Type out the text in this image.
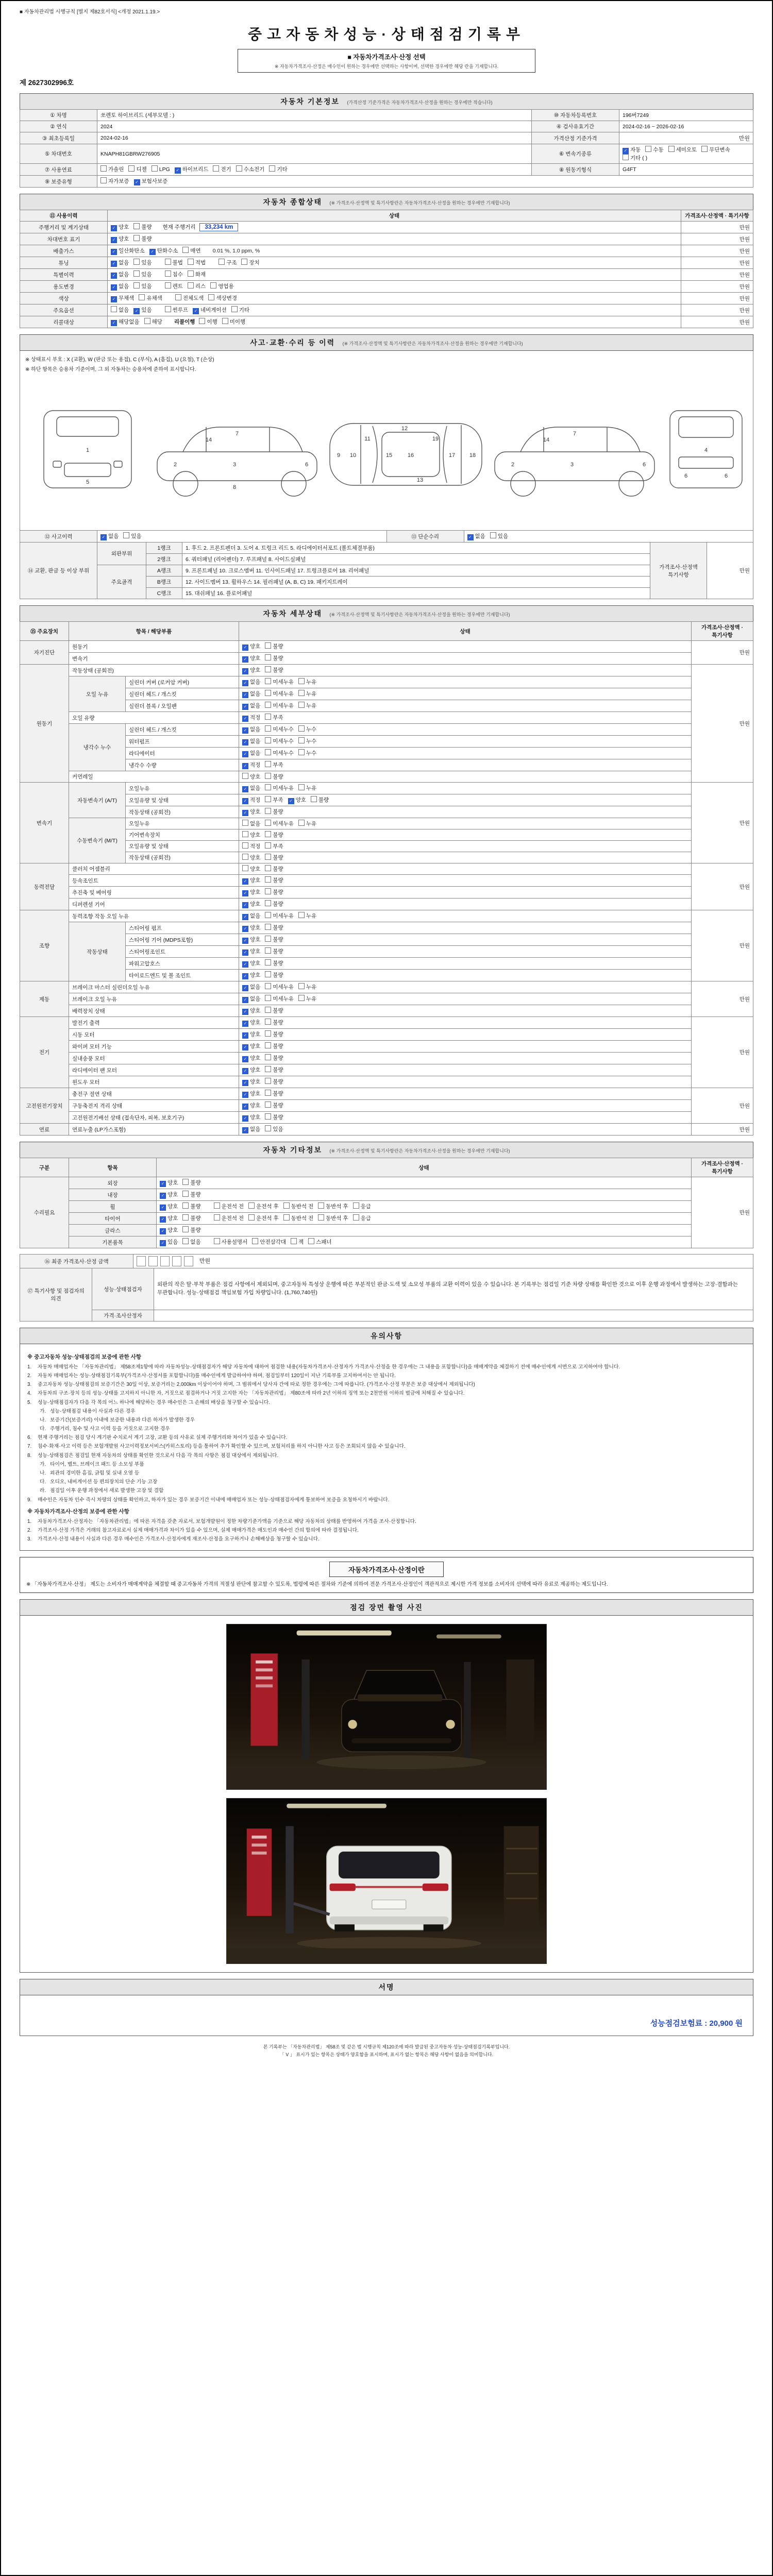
■ 자동차관리법 시행규칙 [별지 제82호서식] <개정 2021.1.19.>
중고자동차성능·상태점검기록부
■ 자동차가격조사·산정 선택
※ 자동차가격조사·산정은 매수인이 원하는 경우에만 선택하는 사항이며, 선택한 경우에만 해당 란을 기재합니다.
제 2627302996호
자동차 기본정보 (가격산정 기준가격은 자동차가격조사·산정을 원하는 경우에만 적습니다)
① 차명	쏘렌토 하이브리드 (세부모델 : )	⑩ 자동차등록번호	196버7249
② 연식	2024	④ 검사유효기간	2024-02-16 ~ 2026-02-16
③ 최초등록일	2024-02-16	가격산정 기준가격	만원
⑤ 차대번호	KNAPH81GBRW276905	⑥ 변속기종류	✓ 자동 수동 세미오토 무단변속기타 ( )
⑦ 사용연료	가솔린 디젤 LPG ✓ 하이브리드 전기 수소전기 기타	⑧ 원동기형식	G4FT
⑨ 보증유형	자가보증 ✓ 보험사보증		
자동차 종합상태 (※ 가격조사·산정액 및 특기사항란은 자동차가격조사·산정을 원하는 경우에만 기재합니다)
⑪ 사용이력	상태	가격조사·산정액 · 특기사항
주행거리 및 계기상태	✓ 양호 불량 현재 주행거리 33,234 km	만원
차대번호 표기	✓ 양호 불량	만원
배출가스	✓ 일산화탄소 ✓ 탄화수소 매연 0.01 %, 1.0 ppm, %	만원
튜닝	✓ 없음 있음 불법 적법 구조 장치	만원
특별이력	✓ 없음 있음 침수 화재	만원
용도변경	✓ 없음 있음 렌트 리스 영업용	만원
색상	✓ 무채색 유채색 전체도색 색상변경	만원
주요옵션	없음 ✓ 있음 썬루프 ✓ 네비게이션 기타	만원
리콜대상	✓ 해당없음 해당 리콜이행 이행 미이행	만원
사고·교환·수리 등 이력 (※ 가격조사·산정액 및 특기사항란은 자동차가격조사·산정을 원하는 경우에만 기재합니다)
※ 상태표시 부호 : X (교환), W (판금 또는 용접), C (부식), A (흠집), U (요철), T (손상)
※ 하단 항목은 승용차 기준이며, 그 외 자동차는 승용차에 준하여 표시합니다.
1
5
2	3	6
7
8
14
9 10
11
15	16
19
17	18
12
13
2	3	6
7
14
4
6	6
⑫ 사고이력	✓ 없음 있음	⑬ 단순수리	✓ 없음 있음
⑭ 교환, 판금 등 이상 부위	외판부위	1랭크	1. 후드 2. 프론트펜더 3. 도어 4. 트렁크 리드 5. 라디에이터서포트 (볼트체결부품)	가격조사·산정액
특기사항	만원
		2랭크	6. 쿼터패널 (리어펜더) 7. 루프패널 8. 사이드실패널		
	주요골격	A랭크	9. 프론트패널 10. 크로스멤버 11. 인사이드패널 17. 트렁크플로어 18. 리어패널		
		B랭크	12. 사이드멤버 13. 휠하우스 14. 필러패널 (A, B, C) 19. 패키지트레이		
		C랭크	15. 대쉬패널 16. 플로어패널		
자동차 세부상태 (※ 가격조사·산정액 및 특기사항란은 자동차가격조사·산정을 원하는 경우에만 기재합니다)
⑮ 주요장치	항목 / 해당부품		상태	가격조사·산정액 · 특기사항
자기진단	원동기		✓ 양호 불량	만원
	변속기		✓ 양호 불량	
원동기	작동상태 (공회전)		✓ 양호 불량	만원
	오일 누유	실린더 커버 (로커암 커버)	✓ 없음 미세누유 누유	
		실린더 헤드 / 개스킷	✓ 없음 미세누유 누유	
		실린더 블록 / 오일팬	✓ 없음 미세누유 누유	
	오일 유량		✓ 적정 부족	
	냉각수 누수	실린더 헤드 / 개스킷	✓ 없음 미세누수 누수	
		워터펌프	✓ 없음 미세누수 누수	
		라디에이터	✓ 없음 미세누수 누수	
		냉각수 수량	✓ 적정 부족	
	커먼레일		양호 불량	
변속기	자동변속기 (A/T)	오일누유	✓ 없음 미세누유 누유	만원
		오일유량 및 상태	✓ 적정 부족 ✓ 양호 불량	
		작동상태 (공회전)	✓ 양호 불량	
	수동변속기 (M/T)	오일누유	없음 미세누유 누유	
		기어변속장치	양호 불량	
		오일유량 및 상태	적정 부족	
		작동상태 (공회전)	양호 불량	
동력전달	클러치 어셈블리		양호 불량	만원
	등속조인트		✓ 양호 불량	
	추진축 및 베어링		✓ 양호 불량	
	디퍼렌셜 기어		✓ 양호 불량	
조향	동력조향 작동 오일 누유		✓ 없음 미세누유 누유	만원
	작동상태	스티어링 펌프	✓ 양호 불량	
		스티어링 기어 (MDPS포함)	✓ 양호 불량	
		스티어링조인트	✓ 양호 불량	
		파워고압호스	✓ 양호 불량	
		타이로드엔드 및 볼 조인트	✓ 양호 불량	
제동	브레이크 마스터 실린더오일 누유		✓ 없음 미세누유 누유	만원
	브레이크 오일 누유		✓ 없음 미세누유 누유	
	배력장치 상태		✓ 양호 불량	
전기	발전기 출력		✓ 양호 불량	만원
	시동 모터		✓ 양호 불량	
	와이퍼 모터 기능		✓ 양호 불량	
	실내송풍 모터		✓ 양호 불량	
	라디에이터 팬 모터		✓ 양호 불량	
	윈도우 모터		✓ 양호 불량	
고전원전기장치	충전구 절연 상태		✓ 양호 불량	만원
	구동축전지 격리 상태		✓ 양호 불량	
	고전원전기배선 상태 (접속단자, 피복, 보호기구)		✓ 양호 불량	
연료	연료누출 (LP가스포함)		✓ 없음 있음	만원
자동차 기타정보 (※ 가격조사·산정액 및 특기사항란은 자동차가격조사·산정을 원하는 경우에만 기재합니다)
구분	항목	상태	가격조사·산정액 · 특기사항
수리필요	외장	✓ 양호 불량	만원
	내장	✓ 양호 불량	
	휠	✓ 양호 불량 운전석 전 운전석 후 동반석 전 동반석 후 응급	
	타이어	✓ 양호 불량 운전석 전 운전석 후 동반석 전 동반석 후 응급	
	글라스	✓ 양호 불량	
	기본품목	✓ 있음 없음 사용설명서 안전삼각대 잭 스패너	
⑯ 최종 가격조사·산정 금액	만원
⑰ 특기사항 및 점검자의 의견	성능·상태점검자	외판의 작은 탈·부착 부품은 점검 사항에서 제외되며, 중고자동차 특성상 운행에 따른 부분적인 판금·도색 및 소모성 부품의 교환 이력이 있을 수 있습니다. 본 기록부는 점검일 기준 차량 상태를 확인한 것으로 이후 운행 과정에서 발생하는 고장·결함과는 무관합니다. 성능·상태점검 책임보험 가입 차량입니다. (1,760,740원)
	가격·조사산정자	
유의사항
※ 중고자동차 성능·상태점검의 보증에 관한 사항
1.	자동차 매매업자는 「자동차관리법」 제58조제1항에 따라 자동차성능·상태점검자가 해당 자동차에 대하여 점검한 내용(자동차가격조사·산정자가 가격조사·산정을 한 경우에는 그 내용을 포함합니다)을 매매계약을 체결하기 전에 매수인에게 서면으로 고지하여야 합니다.
2.	자동차 매매업자는 성능·상태점검기록부(가격조사·산정서를 포함합니다)를 매수인에게 발급하여야 하며, 점검일부터 120일이 지난 기록부를 고지하여서는 안 됩니다.
3.	중고자동차 성능·상태점검의 보증기간은 30일 이상, 보증거리는 2,000km 이상이어야 하며, 그 범위에서 당사자 간에 따로 정한 경우에는 그에 따릅니다. (가격조사·산정 부분은 보증 대상에서 제외됩니다)
4.	자동차의 구조·장치 등의 성능·상태를 고지하지 아니한 자, 거짓으로 점검하거나 거짓 고지한 자는 「자동차관리법」 제80조에 따라 2년 이하의 징역 또는 2천만원 이하의 벌금에 처해질 수 있습니다.
5.	성능·상태점검자가 다음 각 목의 어느 하나에 해당하는 경우 매수인은 그 손해의 배상을 청구할 수 있습니다.
가. 성능·상태점검 내용이 사실과 다른 경우
나. 보증기간(보증거리) 이내에 보증한 내용과 다른 하자가 발생한 경우
다. 주행거리, 침수 및 사고 이력 등을 거짓으로 고지한 경우
6.	현재 주행거리는 점검 당시 계기판 수치로서 계기 고장, 교환 등의 사유로 실제 주행거리와 차이가 있을 수 있습니다.
7.	침수·화재·사고 이력 등은 보험개발원 사고이력정보서비스(카히스토리) 등을 통하여 추가 확인할 수 있으며, 보험처리를 하지 아니한 사고 등은 조회되지 않을 수 있습니다.
8.	성능·상태점검은 점검일 현재 자동차의 상태를 확인한 것으로서 다음 각 목의 사항은 점검 대상에서 제외됩니다.
가. 타이어, 벨트, 브레이크 패드 등 소모성 부품
나. 외관의 경미한 흠집, 긁힘 및 실내 오염 등
다. 오디오, 내비게이션 등 편의장치의 단순 기능 고장
라. 점검일 이후 운행 과정에서 새로 발생한 고장 및 결함
9.	매수인은 자동차 인수 즉시 차량의 상태를 확인하고, 하자가 있는 경우 보증기간 이내에 매매업자 또는 성능·상태점검자에게 통보하여 보증을 요청하시기 바랍니다.
※ 자동차가격조사·산정의 보증에 관한 사항
1.	자동차가격조사·산정자는 「자동차관리법」에 따른 자격을 갖춘 자로서, 보험개발원이 정한 차량기준가액을 기준으로 해당 자동차의 상태를 반영하여 가격을 조사·산정합니다.
2.	가격조사·산정 가격은 거래의 참고자료로서 실제 매매가격과 차이가 있을 수 있으며, 실제 매매가격은 매도인과 매수인 간의 합의에 따라 결정됩니다.
3.	가격조사·산정 내용이 사실과 다른 경우 매수인은 가격조사·산정자에게 재조사·산정을 요구하거나 손해배상을 청구할 수 있습니다.
자동차가격조사·산정이란
※ 「자동차가격조사·산정」 제도는 소비자가 매매계약을 체결할 때 중고자동차 가격의 적절성 판단에 참고할 수 있도록, 법령에 따른 절차와 기준에 의하여 전문 가격조사·산정인이 객관적으로 제시한 가격 정보를 소비자의 선택에 따라 유료로 제공하는 제도입니다.
점검 장면 촬영 사진
서명
성능점검보험료 : 20,900 원
본 기록부는 「자동차관리법」 제58조 및 같은 법 시행규칙 제120조에 따라 발급된 중고자동차 성능·상태점검기록부입니다.
「 V 」 표시가 있는 항목은 상태가 양호함을 표시하며, 표시가 없는 항목은 해당 사항이 없음을 의미합니다.
